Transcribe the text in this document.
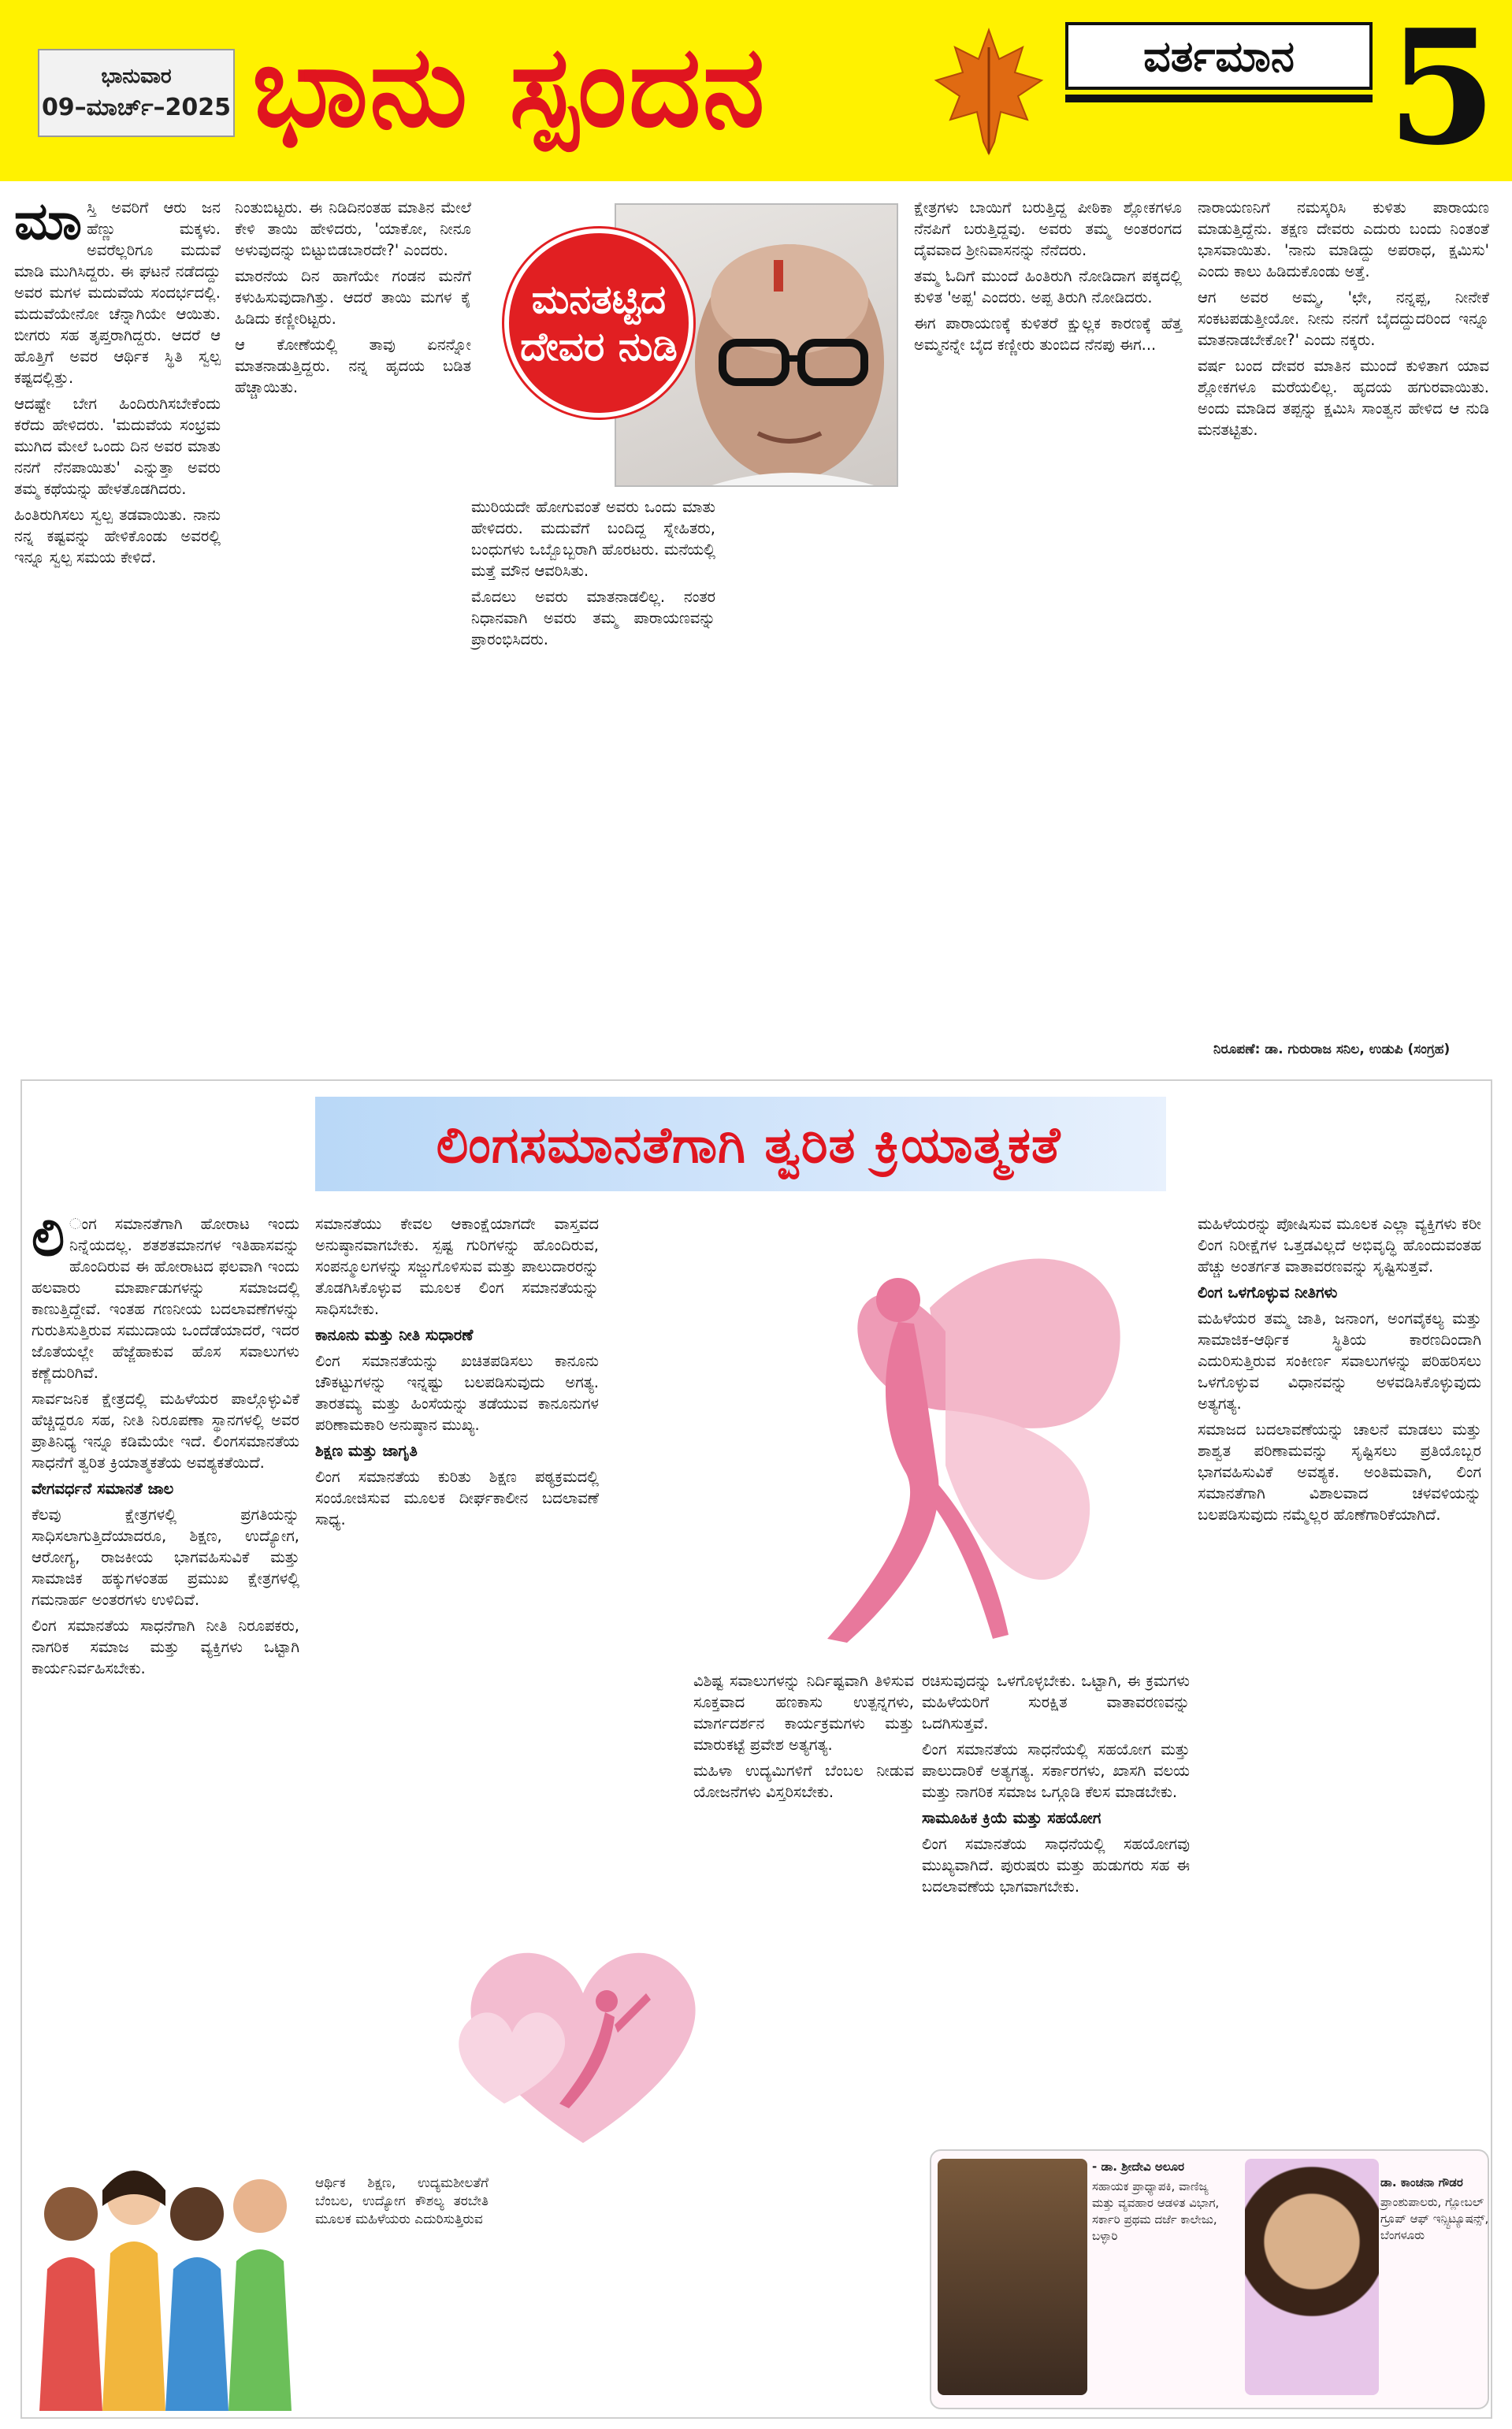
ಭಾನುವಾರ
09–ಮಾರ್ಚ್–2025 ಭಾನು ಸ್ಪಂದನ	ವರ್ತಮಾನ 5
ಮಾ ಸ್ತಿ ಅವರಿಗೆ ಆರು ಜನ ಹೆಣ್ಣು ಮಕ್ಕಳು. ಅವರೆಲ್ಲರಿಗೂ ಮದುವೆ ಮಾಡಿ ಮುಗಿಸಿದ್ದರು. ಈ ಘಟನೆ ನಡೆದದ್ದು ಅವರ ಮಗಳ ಮದುವೆಯ ಸಂದರ್ಭದಲ್ಲಿ. ಮದುವೆಯೇನೋ ಚೆನ್ನಾಗಿಯೇ ಆಯಿತು. ಬೀಗರು ಸಹ ತೃಪ್ತರಾಗಿದ್ದರು. ಆದರೆ ಆ ಹೊತ್ತಿಗೆ ಅವರ ಆರ್ಥಿಕ ಸ್ಥಿತಿ ಸ್ವಲ್ಪ ಕಷ್ಟದಲ್ಲಿತ್ತು.

ಆದಷ್ಟೇ ಬೇಗ ಹಿಂದಿರುಗಿಸಬೇಕೆಂದು ಕರೆದು ಹೇಳಿದರು. 'ಮದುವೆಯ ಸಂಭ್ರಮ ಮುಗಿದ ಮೇಲೆ ಒಂದು ದಿನ ಅವರ ಮಾತು ನನಗೆ ನೆನಪಾಯಿತು' ಎನ್ನುತ್ತಾ ಅವರು ತಮ್ಮ ಕಥೆಯನ್ನು ಹೇಳತೊಡಗಿದರು.

ಹಿಂತಿರುಗಿಸಲು ಸ್ವಲ್ಪ ತಡವಾಯಿತು. ನಾನು ನನ್ನ ಕಷ್ಟವನ್ನು ಹೇಳಿಕೊಂಡು ಅವರಲ್ಲಿ ಇನ್ನೂ ಸ್ವಲ್ಪ ಸಮಯ ಕೇಳಿದೆ.

ನಿಂತುಬಿಟ್ಟರು. ಈ ನಿಡಿದಿನಂತಹ ಮಾತಿನ ಮೇಲೆ ಕೇಳಿ ತಾಯಿ ಹೇಳಿದರು, 'ಯಾಕೋ, ನೀನೂ ಅಳುವುದನ್ನು ಬಿಟ್ಟುಬಿಡಬಾರದೇ?' ಎಂದರು.

ಮಾರನೆಯ ದಿನ ಹಾಗೆಯೇ ಗಂಡನ ಮನೆಗೆ ಕಳುಹಿಸುವುದಾಗಿತ್ತು. ಆದರೆ ತಾಯಿ ಮಗಳ ಕೈ ಹಿಡಿದು ಕಣ್ಣೀರಿಟ್ಟರು.

ಆ ಕೋಣೆಯಲ್ಲಿ ತಾವು ಏನನ್ನೋ ಮಾತನಾಡುತ್ತಿದ್ದರು. ನನ್ನ ಹೃದಯ ಬಡಿತ ಹೆಚ್ಚಾಯಿತು.

ಮನತಟ್ಟಿದ ದೇವರ ನುಡಿ

ಮುರಿಯದೇ ಹೋಗುವಂತೆ ಅವರು ಒಂದು ಮಾತು ಹೇಳಿದರು. ಮದುವೆಗೆ ಬಂದಿದ್ದ ಸ್ನೇಹಿತರು, ಬಂಧುಗಳು ಒಬ್ಬೊಬ್ಬರಾಗಿ ಹೊರಟರು. ಮನೆಯಲ್ಲಿ ಮತ್ತೆ ಮೌನ ಆವರಿಸಿತು.

ಮೊದಲು ಅವರು ಮಾತನಾಡಲಿಲ್ಲ. ನಂತರ ನಿಧಾನವಾಗಿ ಅವರು ತಮ್ಮ ಪಾರಾಯಣವನ್ನು ಪ್ರಾರಂಭಿಸಿದರು.

ಕ್ಷೇತ್ರಗಳು ಬಾಯಿಗೆ ಬರುತ್ತಿದ್ದ ಪೀಠಿಕಾ ಶ್ಲೋಕಗಳೂ ನೆನಪಿಗೆ ಬರುತ್ತಿದ್ದವು. ಅವರು ತಮ್ಮ ಅಂತರಂಗದ ದೈವವಾದ ಶ್ರೀನಿವಾಸನನ್ನು ನೆನೆದರು.

ತಮ್ಮ ಓದಿಗೆ ಮುಂದೆ ಹಿಂತಿರುಗಿ ನೋಡಿದಾಗ ಪಕ್ಕದಲ್ಲಿ ಕುಳಿತ 'ಅಪ್ಪ' ಎಂದರು. ಅಪ್ಪ ತಿರುಗಿ ನೋಡಿದರು.

ಈಗ ಪಾರಾಯಣಕ್ಕೆ ಕುಳಿತರೆ ಕ್ಷುಲ್ಲಕ ಕಾರಣಕ್ಕೆ ಹೆತ್ತ ಅಮ್ಮನನ್ನೇ ಬೈದ ಕಣ್ಣೀರು ತುಂಬಿದ ನೆನಪು ಈಗ...

ನಾರಾಯಣನಿಗೆ ನಮಸ್ಕರಿಸಿ ಕುಳಿತು ಪಾರಾಯಣ ಮಾಡುತ್ತಿದ್ದೆನು. ತಕ್ಷಣ ದೇವರು ಎದುರು ಬಂದು ನಿಂತಂತೆ ಭಾಸವಾಯಿತು. 'ನಾನು ಮಾಡಿದ್ದು ಅಪರಾಧ, ಕ್ಷಮಿಸು' ಎಂದು ಕಾಲು ಹಿಡಿದುಕೊಂಡು ಅತ್ತೆ.

ಆಗ ಅವರ ಅಮ್ಮ, 'ಛೇ, ನನ್ನಪ್ಪ, ನೀನೇಕೆ ಸಂಕಟಪಡುತ್ತೀಯೋ. ನೀನು ನನಗೆ ಬೈದದ್ದುದರಿಂದ ಇನ್ನೂ ಮಾತನಾಡಬೇಕೋ?' ಎಂದು ನಕ್ಕರು.

ವರ್ಷ ಬಂದ ದೇವರ ಮಾತಿನ ಮುಂದೆ ಕುಳಿತಾಗ ಯಾವ ಶ್ಲೋಕಗಳೂ ಮರೆಯಲಿಲ್ಲ. ಹೃದಯ ಹಗುರವಾಯಿತು. ಅಂದು ಮಾಡಿದ ತಪ್ಪನ್ನು ಕ್ಷಮಿಸಿ ಸಾಂತ್ವನ ಹೇಳಿದ ಆ ನುಡಿ ಮನತಟ್ಟಿತು.

ನಿರೂಪಣೆ: ಡಾ. ಗುರುರಾಜ ಸನಿಲ, ಉಡುಪಿ (ಸಂಗ್ರಹ)
ಲಿಂಗಸಮಾನತೆಗಾಗಿ ತ್ವರಿತ ಕ್ರಿಯಾತ್ಮಕತೆ
ಲಿ ಂಗ ಸಮಾನತೆಗಾಗಿ ಹೋರಾಟ ಇಂದು ನಿನ್ನೆಯದಲ್ಲ. ಶತಶತಮಾನಗಳ ಇತಿಹಾಸವನ್ನು ಹೊಂದಿರುವ ಈ ಹೋರಾಟದ ಫಲವಾಗಿ ಇಂದು ಹಲವಾರು ಮಾರ್ಪಾಡುಗಳನ್ನು ಸಮಾಜದಲ್ಲಿ ಕಾಣುತ್ತಿದ್ದೇವೆ. ಇಂತಹ ಗಣನೀಯ ಬದಲಾವಣೆಗಳನ್ನು ಗುರುತಿಸುತ್ತಿರುವ ಸಮುದಾಯ ಒಂದೆಡೆಯಾದರೆ, ಇದರ ಜೊತೆಯಲ್ಲೇ ಹೆಜ್ಜೆಹಾಕುವ ಹೊಸ ಸವಾಲುಗಳು ಕಣ್ಣೆದುರಿಗಿವೆ.

ಸಾರ್ವಜನಿಕ ಕ್ಷೇತ್ರದಲ್ಲಿ ಮಹಿಳೆಯರ ಪಾಲ್ಗೊಳ್ಳುವಿಕೆ ಹೆಚ್ಚಿದ್ದರೂ ಸಹ, ನೀತಿ ನಿರೂಪಣಾ ಸ್ಥಾನಗಳಲ್ಲಿ ಅವರ ಪ್ರಾತಿನಿಧ್ಯ ಇನ್ನೂ ಕಡಿಮೆಯೇ ಇದೆ. ಲಿಂಗಸಮಾನತೆಯ ಸಾಧನೆಗೆ ತ್ವರಿತ ಕ್ರಿಯಾತ್ಮಕತೆಯ ಅವಶ್ಯಕತೆಯಿದೆ.

ವೇಗವರ್ಧನೆ ಸಮಾನತೆ ಜಾಲ

ಕೆಲವು ಕ್ಷೇತ್ರಗಳಲ್ಲಿ ಪ್ರಗತಿಯನ್ನು ಸಾಧಿಸಲಾಗುತ್ತಿದೆಯಾದರೂ, ಶಿಕ್ಷಣ, ಉದ್ಯೋಗ, ಆರೋಗ್ಯ, ರಾಜಕೀಯ ಭಾಗವಹಿಸುವಿಕೆ ಮತ್ತು ಸಾಮಾಜಿಕ ಹಕ್ಕುಗಳಂತಹ ಪ್ರಮುಖ ಕ್ಷೇತ್ರಗಳಲ್ಲಿ ಗಮನಾರ್ಹ ಅಂತರಗಳು ಉಳಿದಿವೆ.

ಲಿಂಗ ಸಮಾನತೆಯ ಸಾಧನೆಗಾಗಿ ನೀತಿ ನಿರೂಪಕರು, ನಾಗರಿಕ ಸಮಾಜ ಮತ್ತು ವ್ಯಕ್ತಿಗಳು ಒಟ್ಟಾಗಿ ಕಾರ್ಯನಿರ್ವಹಿಸಬೇಕು.

ಸಮಾನತೆಯು ಕೇವಲ ಆಕಾಂಕ್ಷೆಯಾಗದೇ ವಾಸ್ತವದ ಅನುಷ್ಠಾನವಾಗಬೇಕು. ಸ್ಪಷ್ಟ ಗುರಿಗಳನ್ನು ಹೊಂದಿರುವ, ಸಂಪನ್ಮೂಲಗಳನ್ನು ಸಜ್ಜುಗೊಳಿಸುವ ಮತ್ತು ಪಾಲುದಾರರನ್ನು ತೊಡಗಿಸಿಕೊಳ್ಳುವ ಮೂಲಕ ಲಿಂಗ ಸಮಾನತೆಯನ್ನು ಸಾಧಿಸಬೇಕು.

ಕಾನೂನು ಮತ್ತು ನೀತಿ ಸುಧಾರಣೆ

ಲಿಂಗ ಸಮಾನತೆಯನ್ನು ಖಚಿತಪಡಿಸಲು ಕಾನೂನು ಚೌಕಟ್ಟುಗಳನ್ನು ಇನ್ನಷ್ಟು ಬಲಪಡಿಸುವುದು ಅಗತ್ಯ. ತಾರತಮ್ಯ ಮತ್ತು ಹಿಂಸೆಯನ್ನು ತಡೆಯುವ ಕಾನೂನುಗಳ ಪರಿಣಾಮಕಾರಿ ಅನುಷ್ಠಾನ ಮುಖ್ಯ.

ಶಿಕ್ಷಣ ಮತ್ತು ಜಾಗೃತಿ

ಲಿಂಗ ಸಮಾನತೆಯ ಕುರಿತು ಶಿಕ್ಷಣ ಪಠ್ಯಕ್ರಮದಲ್ಲಿ ಸಂಯೋಜಿಸುವ ಮೂಲಕ ದೀರ್ಘಕಾಲೀನ ಬದಲಾವಣೆ ಸಾಧ್ಯ.

ವಿಶಿಷ್ಟ ಸವಾಲುಗಳನ್ನು ನಿರ್ದಿಷ್ಟವಾಗಿ ತಿಳಿಸುವ ಸೂಕ್ತವಾದ ಹಣಕಾಸು ಉತ್ಪನ್ನಗಳು, ಮಾರ್ಗದರ್ಶನ ಕಾರ್ಯಕ್ರಮಗಳು ಮತ್ತು ಮಾರುಕಟ್ಟೆ ಪ್ರವೇಶ ಅತ್ಯಗತ್ಯ.

ಮಹಿಳಾ ಉದ್ಯಮಿಗಳಿಗೆ ಬೆಂಬಲ ನೀಡುವ ಯೋಜನೆಗಳು ವಿಸ್ತರಿಸಬೇಕು.

ರಚಿಸುವುದನ್ನು ಒಳಗೊಳ್ಳಬೇಕು. ಒಟ್ಟಾಗಿ, ಈ ಕ್ರಮಗಳು ಮಹಿಳೆಯರಿಗೆ ಸುರಕ್ಷಿತ ವಾತಾವರಣವನ್ನು ಒದಗಿಸುತ್ತವೆ.

ಲಿಂಗ ಸಮಾನತೆಯ ಸಾಧನೆಯಲ್ಲಿ ಸಹಯೋಗ ಮತ್ತು ಪಾಲುದಾರಿಕೆ ಅತ್ಯಗತ್ಯ. ಸರ್ಕಾರಗಳು, ಖಾಸಗಿ ವಲಯ ಮತ್ತು ನಾಗರಿಕ ಸಮಾಜ ಒಗ್ಗೂಡಿ ಕೆಲಸ ಮಾಡಬೇಕು.

ಸಾಮೂಹಿಕ ಕ್ರಿಯೆ ಮತ್ತು ಸಹಯೋಗ

ಲಿಂಗ ಸಮಾನತೆಯ ಸಾಧನೆಯಲ್ಲಿ ಸಹಯೋಗವು ಮುಖ್ಯವಾಗಿದೆ. ಪುರುಷರು ಮತ್ತು ಹುಡುಗರು ಸಹ ಈ ಬದಲಾವಣೆಯ ಭಾಗವಾಗಬೇಕು.

ಮಹಿಳೆಯರನ್ನು ಪೋಷಿಸುವ ಮೂಲಕ ಎಲ್ಲಾ ವ್ಯಕ್ತಿಗಳು ಕರೀ ಲಿಂಗ ನಿರೀಕ್ಷೆಗಳ ಒತ್ತಡವಿಲ್ಲದೆ ಅಭಿವೃದ್ಧಿ ಹೊಂದುವಂತಹ ಹೆಚ್ಚು ಅಂತರ್ಗತ ವಾತಾವರಣವನ್ನು ಸೃಷ್ಟಿಸುತ್ತವೆ.

ಲಿಂಗ ಒಳಗೊಳ್ಳುವ ನೀತಿಗಳು

ಮಹಿಳೆಯರ ತಮ್ಮ ಜಾತಿ, ಜನಾಂಗ, ಅಂಗವೈಕಲ್ಯ ಮತ್ತು ಸಾಮಾಜಿಕ-ಆರ್ಥಿಕ ಸ್ಥಿತಿಯ ಕಾರಣದಿಂದಾಗಿ ಎದುರಿಸುತ್ತಿರುವ ಸಂಕೀರ್ಣ ಸವಾಲುಗಳನ್ನು ಪರಿಹರಿಸಲು ಒಳಗೊಳ್ಳುವ ವಿಧಾನವನ್ನು ಅಳವಡಿಸಿಕೊಳ್ಳುವುದು ಅತ್ಯಗತ್ಯ.

ಸಮಾಜದ ಬದಲಾವಣೆಯನ್ನು ಚಾಲನೆ ಮಾಡಲು ಮತ್ತು ಶಾಶ್ವತ ಪರಿಣಾಮವನ್ನು ಸೃಷ್ಟಿಸಲು ಪ್ರತಿಯೊಬ್ಬರ ಭಾಗವಹಿಸುವಿಕೆ ಅವಶ್ಯಕ. ಅಂತಿಮವಾಗಿ, ಲಿಂಗ ಸಮಾನತೆಗಾಗಿ ವಿಶಾಲವಾದ ಚಳವಳಿಯನ್ನು ಬಲಪಡಿಸುವುದು ನಮ್ಮೆಲ್ಲರ ಹೊಣೆಗಾರಿಕೆಯಾಗಿದೆ.

ಆರ್ಥಿಕ ಶಿಕ್ಷಣ, ಉದ್ಯಮಶೀಲತೆಗೆ ಬೆಂಬಲ, ಉದ್ಯೋಗ ಕೌಶಲ್ಯ ತರಬೇತಿ ಮೂಲಕ ಮಹಿಳೆಯರು ಎದುರಿಸುತ್ತಿರುವ

- ಡಾ. ಶ್ರೀದೇವಿ ಅಲೂರ
ಸಹಾಯಕ ಪ್ರಾಧ್ಯಾಪಕಿ, ವಾಣಿಜ್ಯ ಮತ್ತು ವ್ಯವಹಾರ ಆಡಳಿತ ವಿಭಾಗ, ಸರ್ಕಾರಿ ಪ್ರಥಮ ದರ್ಜೆ ಕಾಲೇಜು, ಬಳ್ಳಾರಿ
ಡಾ. ಕಾಂಚನಾ ಗೌಡರ
ಪ್ರಾಂಶುಪಾಲರು, ಗ್ಲೋಬಲ್ ಗ್ರೂಪ್ ಆಫ್ ಇನ್ಸ್ಟಿಟ್ಯೂಷನ್ಸ್, ಬೆಂಗಳೂರು
